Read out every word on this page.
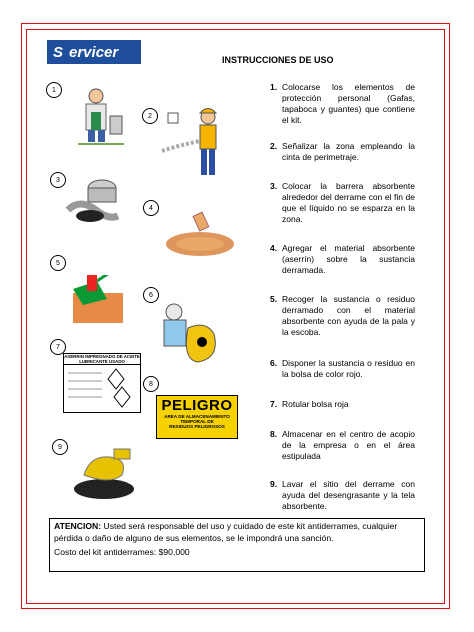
S ervicer	INSTRUCCIONES DE USO
1
2
3
4
5
6
7
8
9
ASERRIN IMPREGNADO DE ACEITE
LUBRICANTE USADO
PELIGRO
AREA DE ALMACENAMIENTO
TEMPORAL DE
RESIDUOS PELIGROSOS
1. Colocarse los elementos de protección personal (Gafas, tapaboca y guantes) que contiene el kit.
2. Señalizar la zona empleando la cinta de perimetraje.
3. Colocar la barrera absorbente alrededor del derrame con el fin de que el líquido no se esparza en la zona.
4. Agregar el material absorbente (aserrín) sobre la sustancia derramada.
5. Recoger la sustancia o residuo derramado con el material absorbente con ayuda de la pala y la escoba.
6. Disponer la sustancia o residuo en la bolsa de color rojo.
7. Rotular bolsa roja
8. Almacenar en el centro de acopio de la empresa o en el área estipulada
9. Lavar el sitio del derrame con ayuda del desengrasante y la tela absorbente.
ATENCION: Usted será responsable del uso y cuidado de este kit antiderrames, cualquier pérdida o daño de alguno de sus elementos, se le impondrá una sanción.
Costo del kit antiderrames: $90,000
